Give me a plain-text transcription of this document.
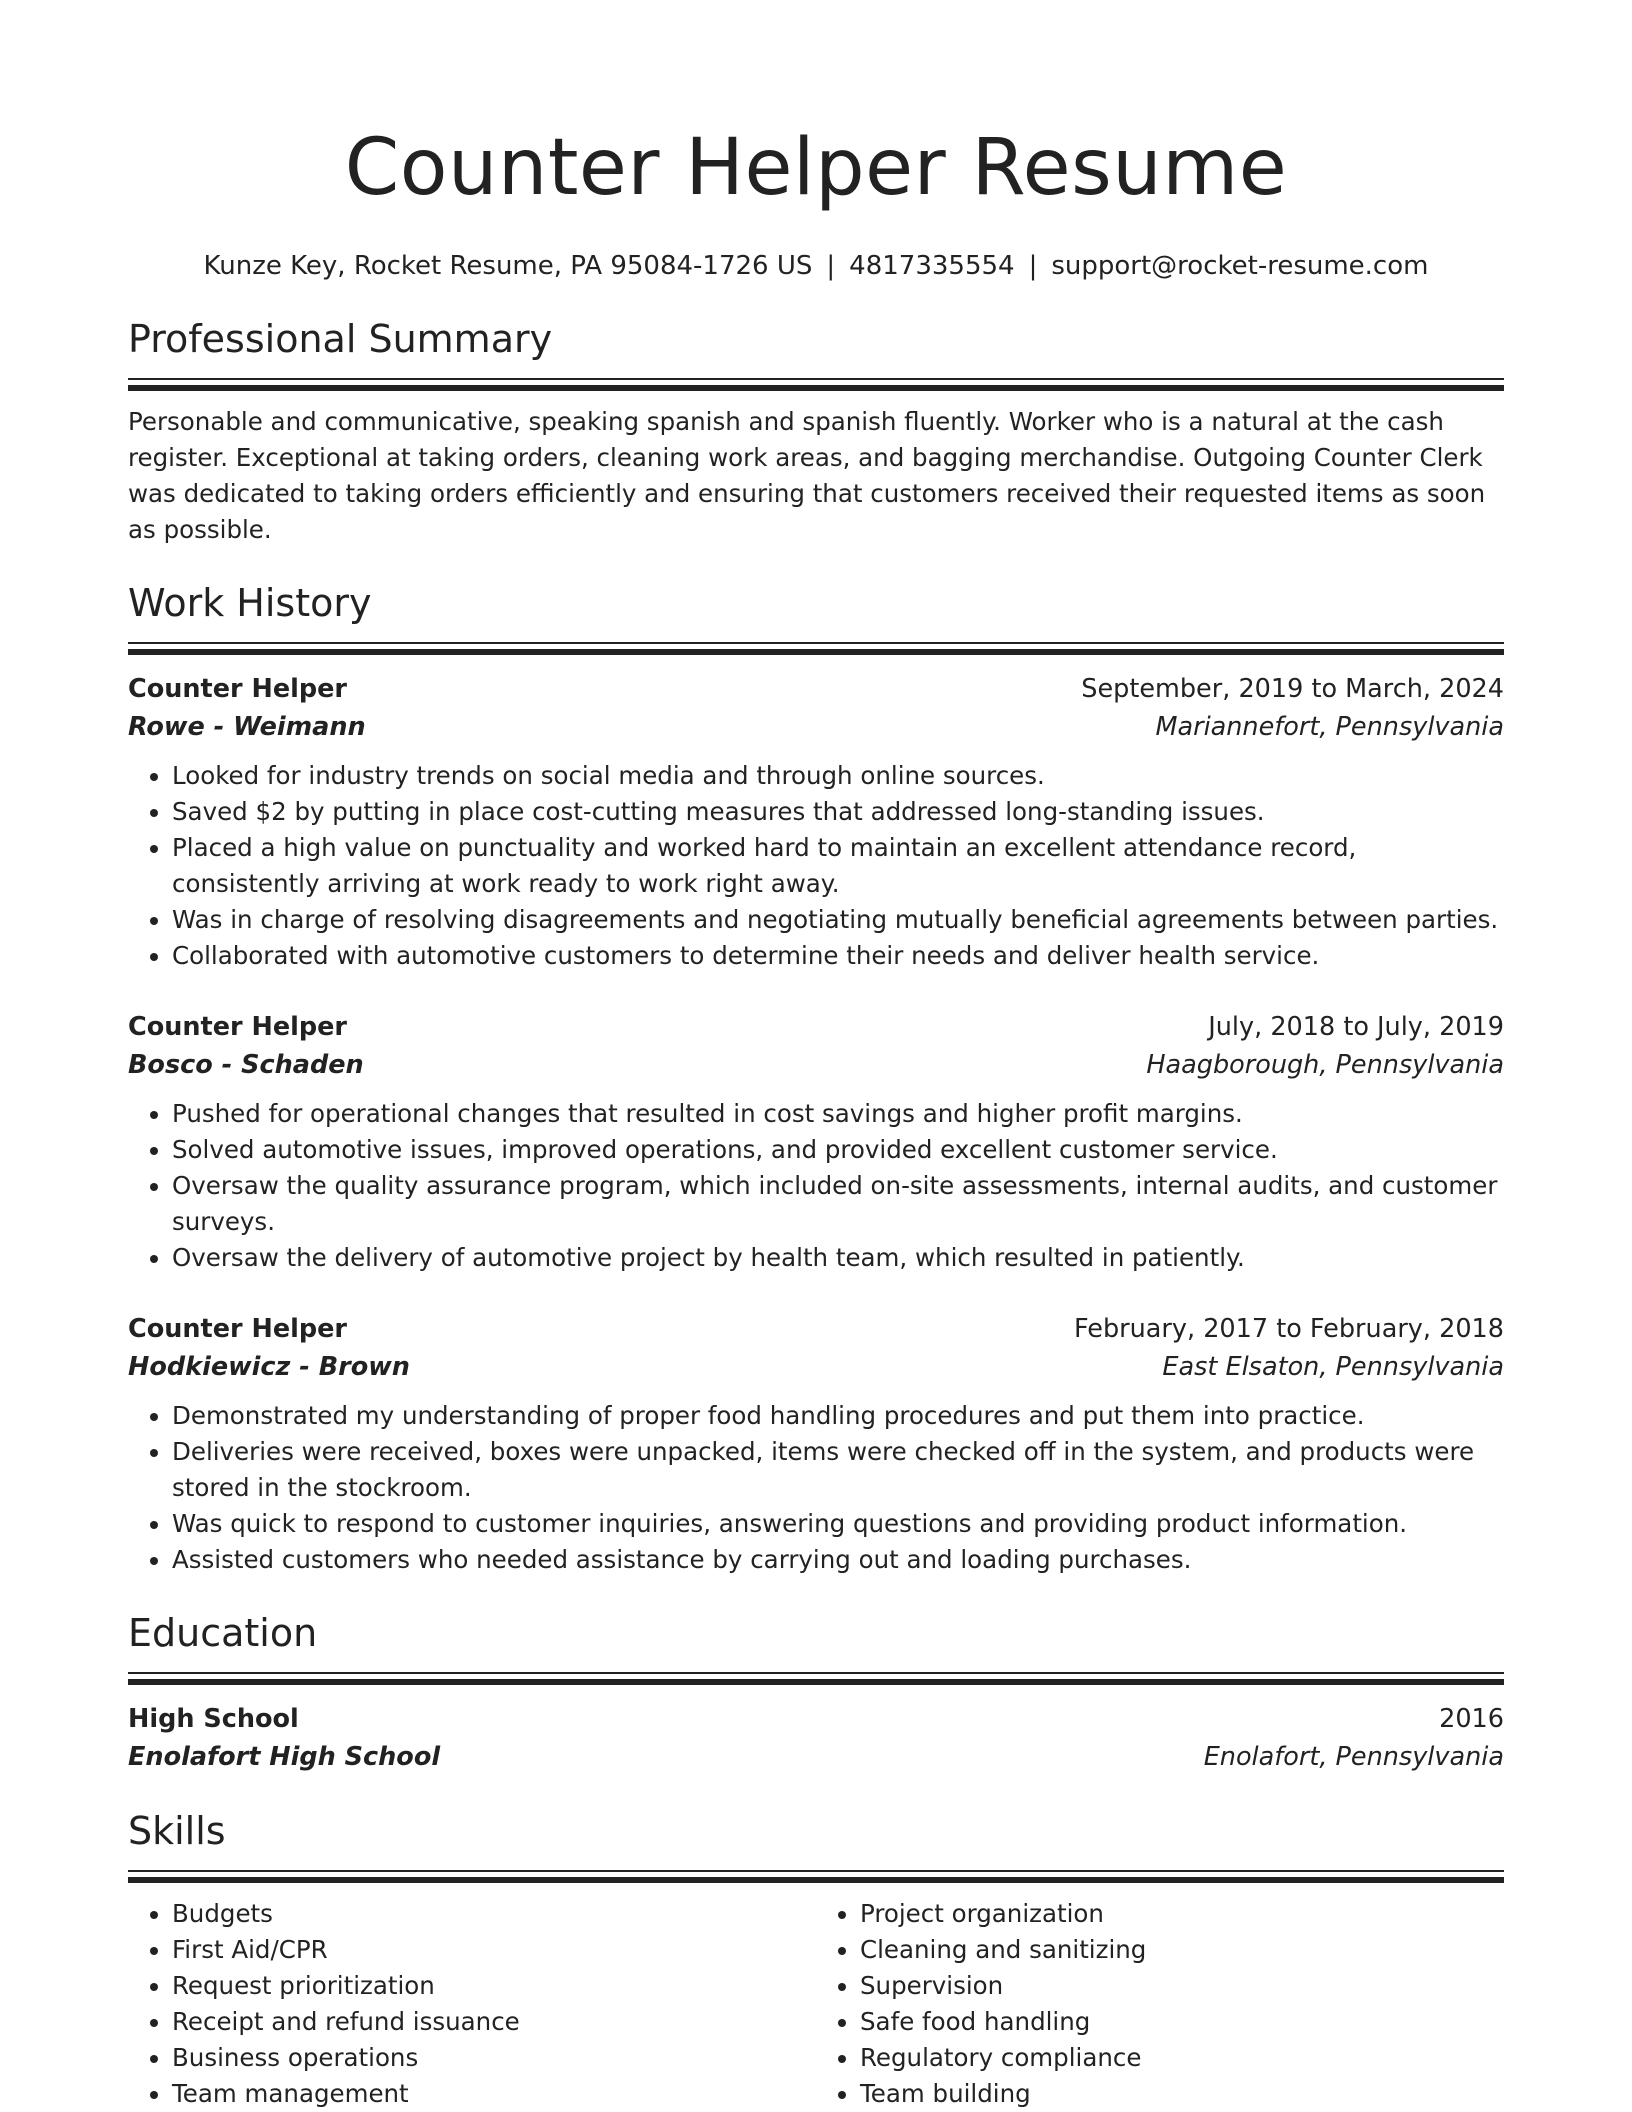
Counter Helper Resume
Kunze Key, Rocket Resume, PA 95084-1726 US | 4817335554 | support@rocket-resume.com
Professional Summary
Personable and communicative, speaking spanish and spanish fluently. Worker who is a natural at the cash register. Exceptional at taking orders, cleaning work areas, and bagging merchandise. Outgoing Counter Clerk was dedicated to taking orders efficiently and ensuring that customers received their requested items as soon as possible.
Work History
Counter Helper	September, 2019 to March, 2024
Rowe - Weimann	Mariannefort, Pennsylvania
• Looked for industry trends on social media and through online sources.
• Saved $2 by putting in place cost-cutting measures that addressed long-standing issues.
• Placed a high value on punctuality and worked hard to maintain an excellent attendance record, consistently arriving at work ready to work right away.
• Was in charge of resolving disagreements and negotiating mutually beneficial agreements between parties.
• Collaborated with automotive customers to determine their needs and deliver health service.
Counter Helper	July, 2018 to July, 2019
Bosco - Schaden	Haagborough, Pennsylvania
• Pushed for operational changes that resulted in cost savings and higher profit margins.
• Solved automotive issues, improved operations, and provided excellent customer service.
• Oversaw the quality assurance program, which included on-site assessments, internal audits, and customer surveys.
• Oversaw the delivery of automotive project by health team, which resulted in patiently.
Counter Helper	February, 2017 to February, 2018
Hodkiewicz - Brown	East Elsaton, Pennsylvania
• Demonstrated my understanding of proper food handling procedures and put them into practice.
• Deliveries were received, boxes were unpacked, items were checked off in the system, and products were stored in the stockroom.
• Was quick to respond to customer inquiries, answering questions and providing product information.
• Assisted customers who needed assistance by carrying out and loading purchases.
Education
High School	2016
Enolafort High School	Enolafort, Pennsylvania
Skills
• Budgets
• First Aid/CPR
• Request prioritization
• Receipt and refund issuance
• Business operations
• Team management
• Project organization
• Cleaning and sanitizing
• Supervision
• Safe food handling
• Regulatory compliance
• Team building
